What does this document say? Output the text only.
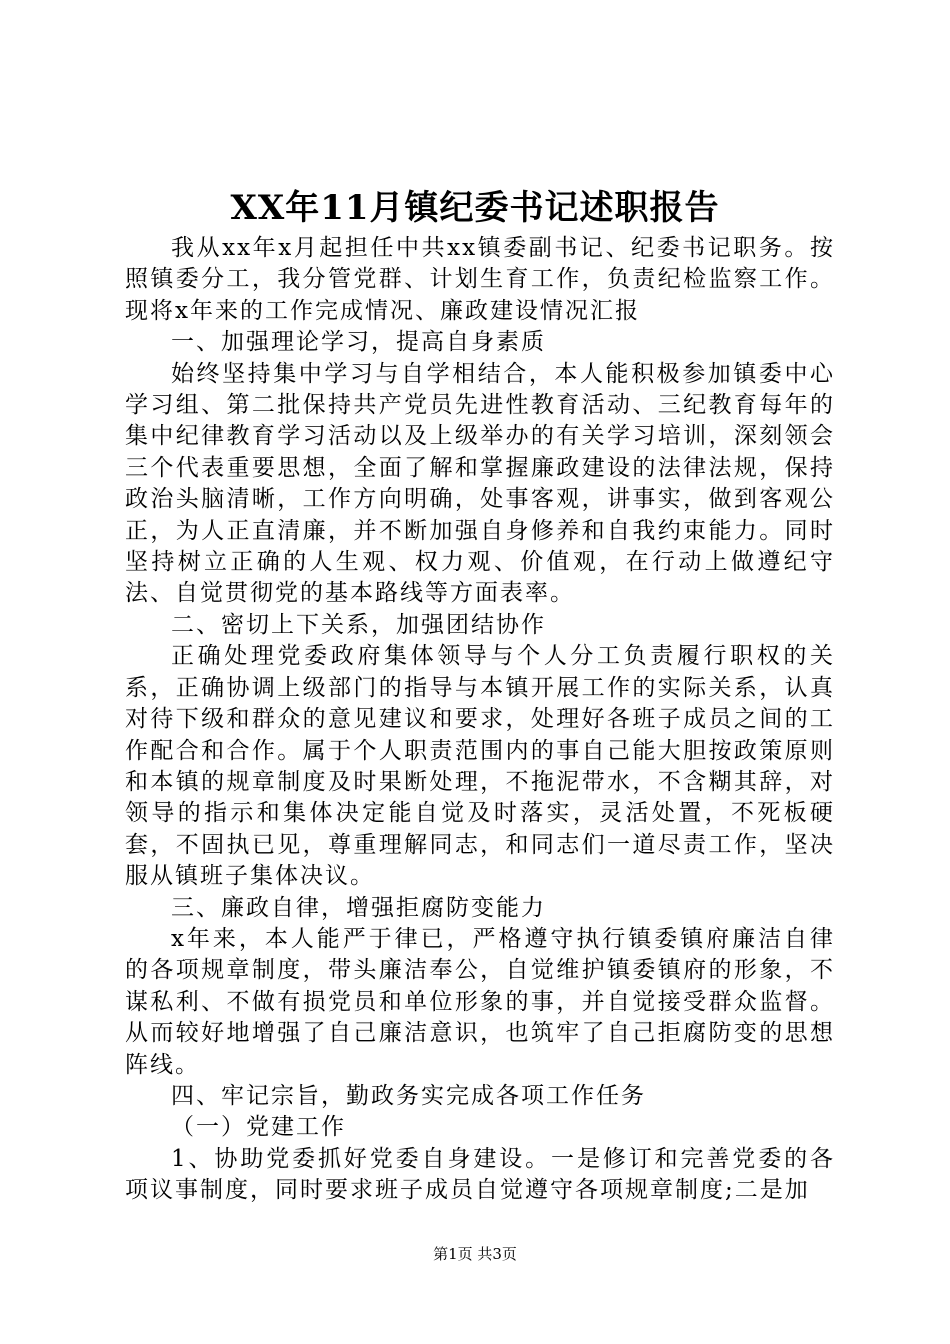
XX年11月镇纪委书记述职报告

我从xx年x月起担任中共xx镇委副书记、纪委书记职务。按照镇委分工，我分管党群、计划生育工作，负责纪检监察工作。现将x年来的工作完成情况、廉政建设情况汇报

一、加强理论学习，提高自身素质

始终坚持集中学习与自学相结合，本人能积极参加镇委中心学习组、第二批保持共产党员先进性教育活动、三纪教育每年的集中纪律教育学习活动以及上级举办的有关学习培训，深刻领会三个代表重要思想，全面了解和掌握廉政建设的法律法规，保持政治头脑清晰，工作方向明确，处事客观，讲事实，做到客观公正，为人正直清廉，并不断加强自身修养和自我约束能力。同时坚持树立正确的人生观、权力观、价值观，在行动上做遵纪守法、自觉贯彻党的基本路线等方面表率。

二、密切上下关系，加强团结协作

正确处理党委政府集体领导与个人分工负责履行职权的关系，正确协调上级部门的指导与本镇开展工作的实际关系，认真对待下级和群众的意见建议和要求，处理好各班子成员之间的工作配合和合作。属于个人职责范围内的事自己能大胆按政策原则和本镇的规章制度及时果断处理，不拖泥带水，不含糊其辞，对领导的指示和集体决定能自觉及时落实，灵活处置，不死板硬套，不固执已见，尊重理解同志，和同志们一道尽责工作，坚决服从镇班子集体决议。

三、廉政自律，增强拒腐防变能力

x年来，本人能严于律已，严格遵守执行镇委镇府廉洁自律的各项规章制度，带头廉洁奉公，自觉维护镇委镇府的形象，不谋私利、不做有损党员和单位形象的事，并自觉接受群众监督。从而较好地增强了自己廉洁意识，也筑牢了自己拒腐防变的思想阵线。

四、牢记宗旨，勤政务实完成各项工作任务

（一）党建工作

1、协助党委抓好党委自身建设。一是修订和完善党委的各项议事制度，同时要求班子成员自觉遵守各项规章制度;二是加

第1页 共3页
